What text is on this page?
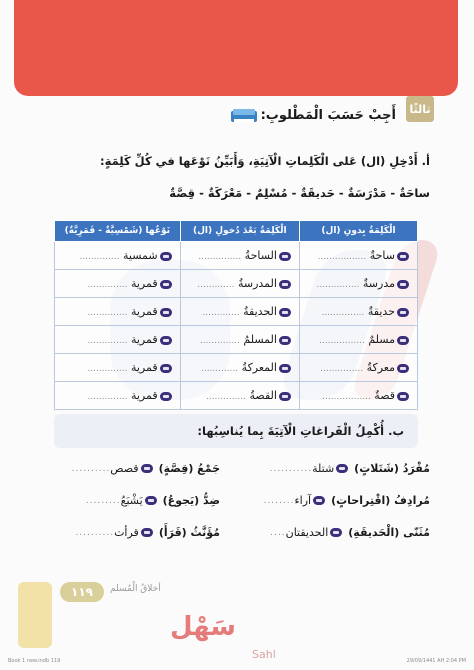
ثالثًا
أَجِبْ حَسَبَ الْمَطْلوبِ:
أ. أَدْخِلِ (ال) عَلى الْكَلِماتِ الْآتِيَةِ، وَأَبَيِّنُ نَوْعَها في كُلِّ كَلِمَةٍ:
ساحَةٌ - مَدْرَسَةٌ - حَديقَةٌ - مُسْلِمٌ - مَعْرَكَةٌ - قِصَّةٌ
الْكَلِمَةُ بِدونِ (ال)	الْكَلِمَةُ بَعْدَ دُخولِ (ال)	نَوْعُها (شَمْسِيَّةٌ - قَمَرِيَّةٌ)
ساحةٌ .................	الساحةُ ...............	شمسية ..............
مدرسةٌ ...............	المدرسةُ .............	قمرية ..............
حديقةٌ ...............	الحديقةُ .............	قمرية ..............
مسلمٌ ................	المسلمُ ..............	قمرية ..............
معركةٌ ...............	المعركةُ .............	قمرية ..............
قصةٌ .................	القصةُ ..............	قمرية ..............
ب. أُكْمِلُ الْفَراغاتِ الْآتِيَةَ بِما يُناسِبُها:
مُفْرَدُ (شَتَلاتٍ)
شتلة
...........
جَمْعُ (قِصَّةٍ)
قصص
..........
مُرادِفُ (اقْتِراحاتٍ)
آراء
........
ضِدُّ (يَجوعُ)
يَشْبَعُ
.........
مُثَنّى (الْحَديقَةِ)
الحديقتان
....
مُؤَنَّثُ (قَرَأَ)
قرأت
..........
١١٩	أخلاقُ الْمُسلم
سَهْل
Sahl
Book 1 new.indb 119	29/09/1441 AH 2:04 PM
